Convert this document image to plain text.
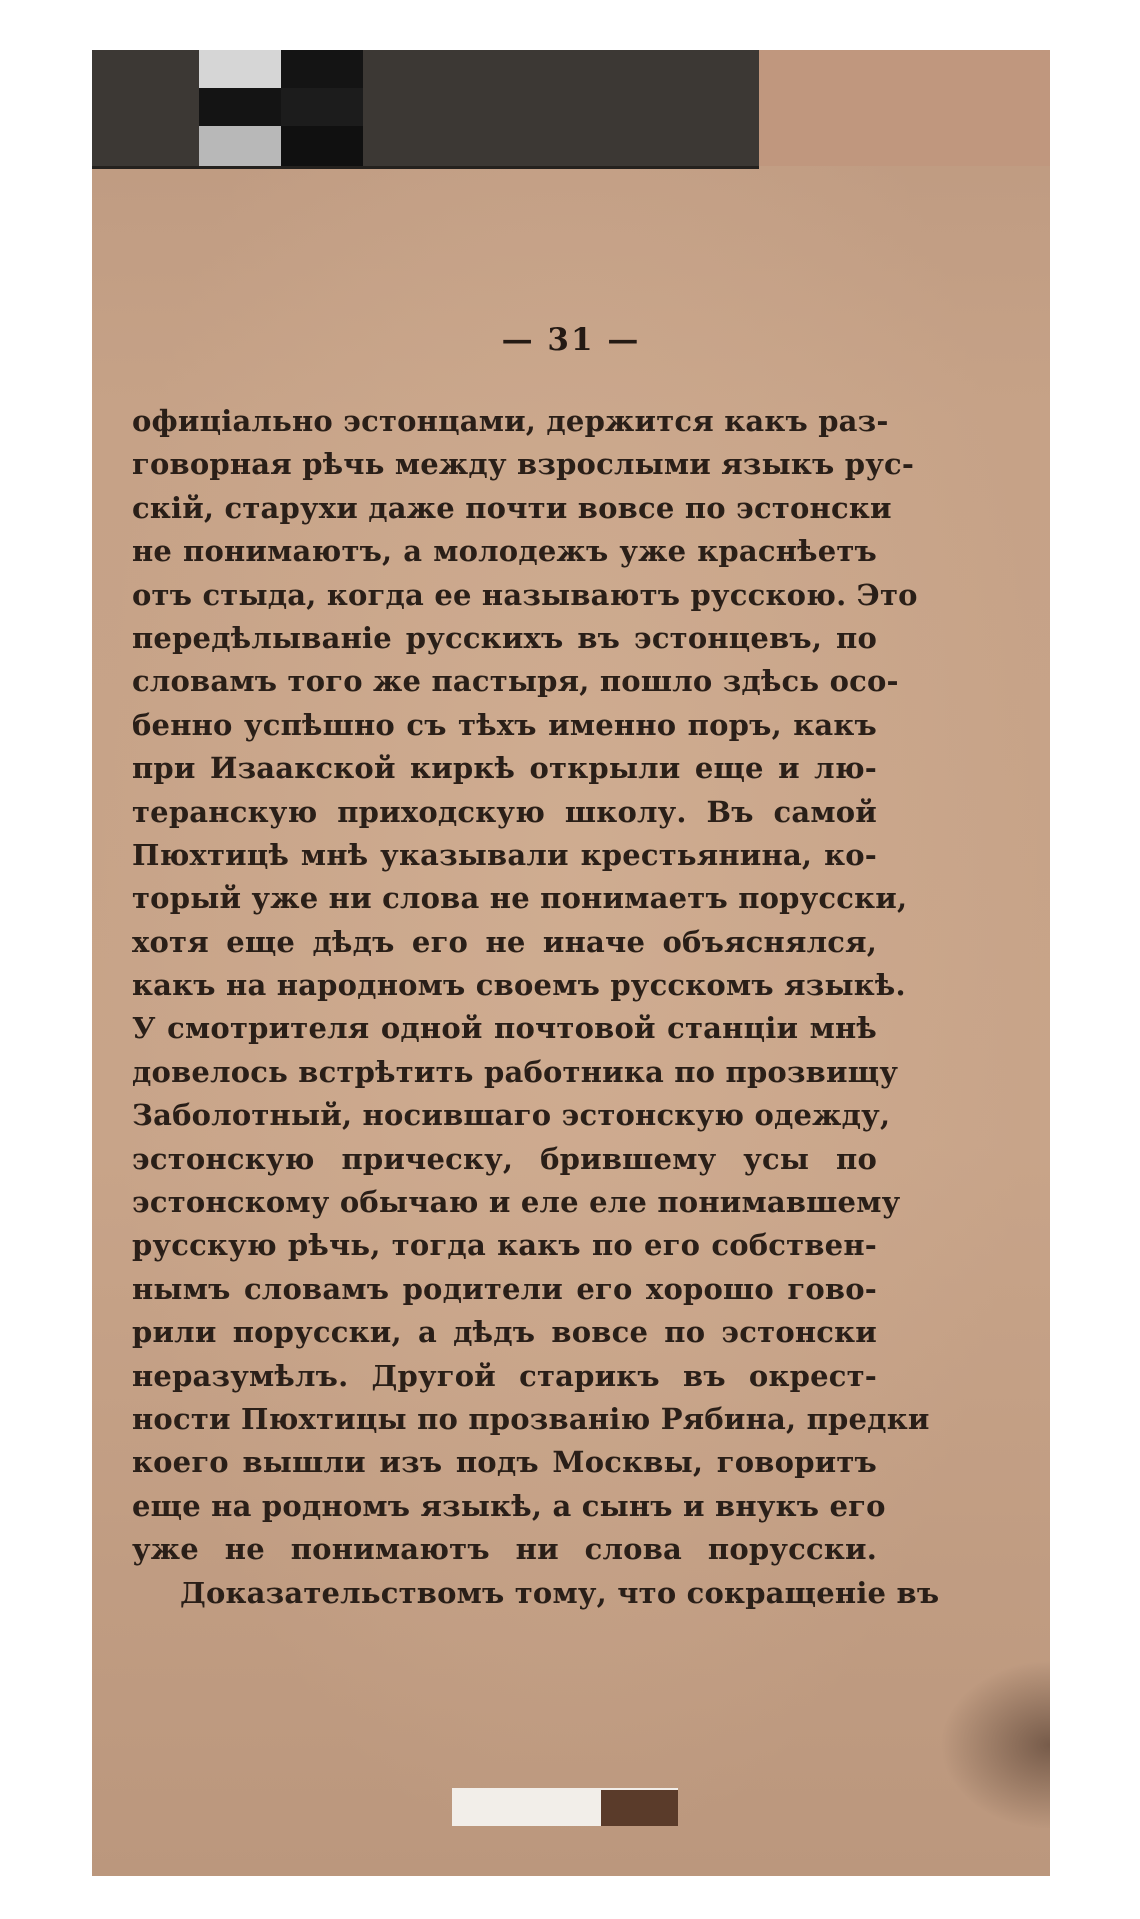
— 31 —
офиціально эстонцами, держится какъ раз-
говорная рѣчь между взрослыми языкъ рус-
скій, старухи даже почти вовсе по эстонски
не понимаютъ, а молодежъ уже краснѣетъ
отъ стыда, когда ее называютъ русскою. Это
передѣлываніе русскихъ въ эстонцевъ, по
словамъ того же пастыря, пошло здѣсь осо-
бенно успѣшно съ тѣхъ именно поръ, какъ
при Изаакской киркѣ открыли еще и лю-
теранскую приходскую школу. Въ самой
Пюхтицѣ мнѣ указывали крестьянина, ко-
торый уже ни слова не понимаетъ порусски,
хотя еще дѣдъ его не иначе объяснялся,
какъ на народномъ своемъ русскомъ языкѣ.
У смотрителя одной почтовой станціи мнѣ
довелось встрѣтить работника по прозвищу
Заболотный, носившаго эстонскую одежду,
эстонскую прическу, брившему усы по
эстонскому обычаю и еле еле понимавшему
русскую рѣчь, тогда какъ по его собствен-
нымъ словамъ родители его хорошо гово-
рили порусски, а дѣдъ вовсе по эстонски
неразумѣлъ. Другой старикъ въ окрест-
ности Пюхтицы по прозванію Рябина, предки
коего вышли изъ подъ Москвы, говоритъ
еще на родномъ языкѣ, а сынъ и внукъ его
уже не понимаютъ ни слова порусски.
Доказательствомъ тому, что сокращеніе въ
